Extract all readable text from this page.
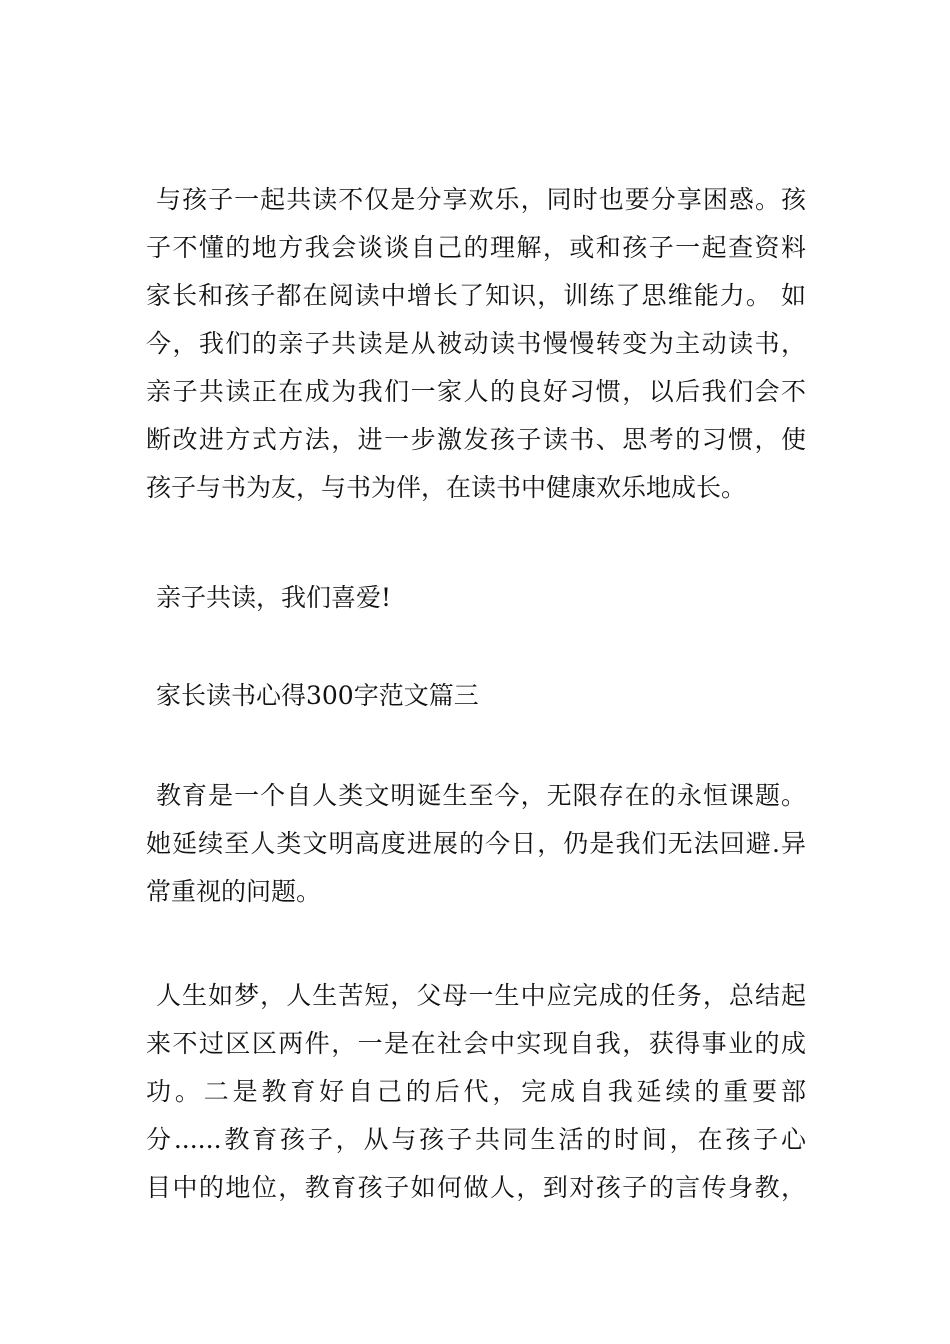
与孩子一起共读不仅是分享欢乐，同时也要分享困惑。孩
子不懂的地方我会谈谈自己的理解，或和孩子一起查资料
家长和孩子都在阅读中增长了知识，训练了思维能力。 如
今，我们的亲子共读是从被动读书慢慢转变为主动读书，
亲子共读正在成为我们一家人的良好习惯，以后我们会不
断改进方式方法，进一步激发孩子读书、思考的习惯，使
孩子与书为友，与书为伴，在读书中健康欢乐地成长。
亲子共读，我们喜爱!
家长读书心得300字范文篇三
教育是一个自人类文明诞生至今，无限存在的永恒课题。
她延续至人类文明高度进展的今日，仍是我们无法回避.异
常重视的问题。
人生如梦，人生苦短，父母一生中应完成的任务，总结起
来不过区区两件，一是在社会中实现自我，获得事业的成
功。二是教育好自己的后代，完成自我延续的重要部
分......教育孩子，从与孩子共同生活的时间，在孩子心
目中的地位，教育孩子如何做人，到对孩子的言传身教，
